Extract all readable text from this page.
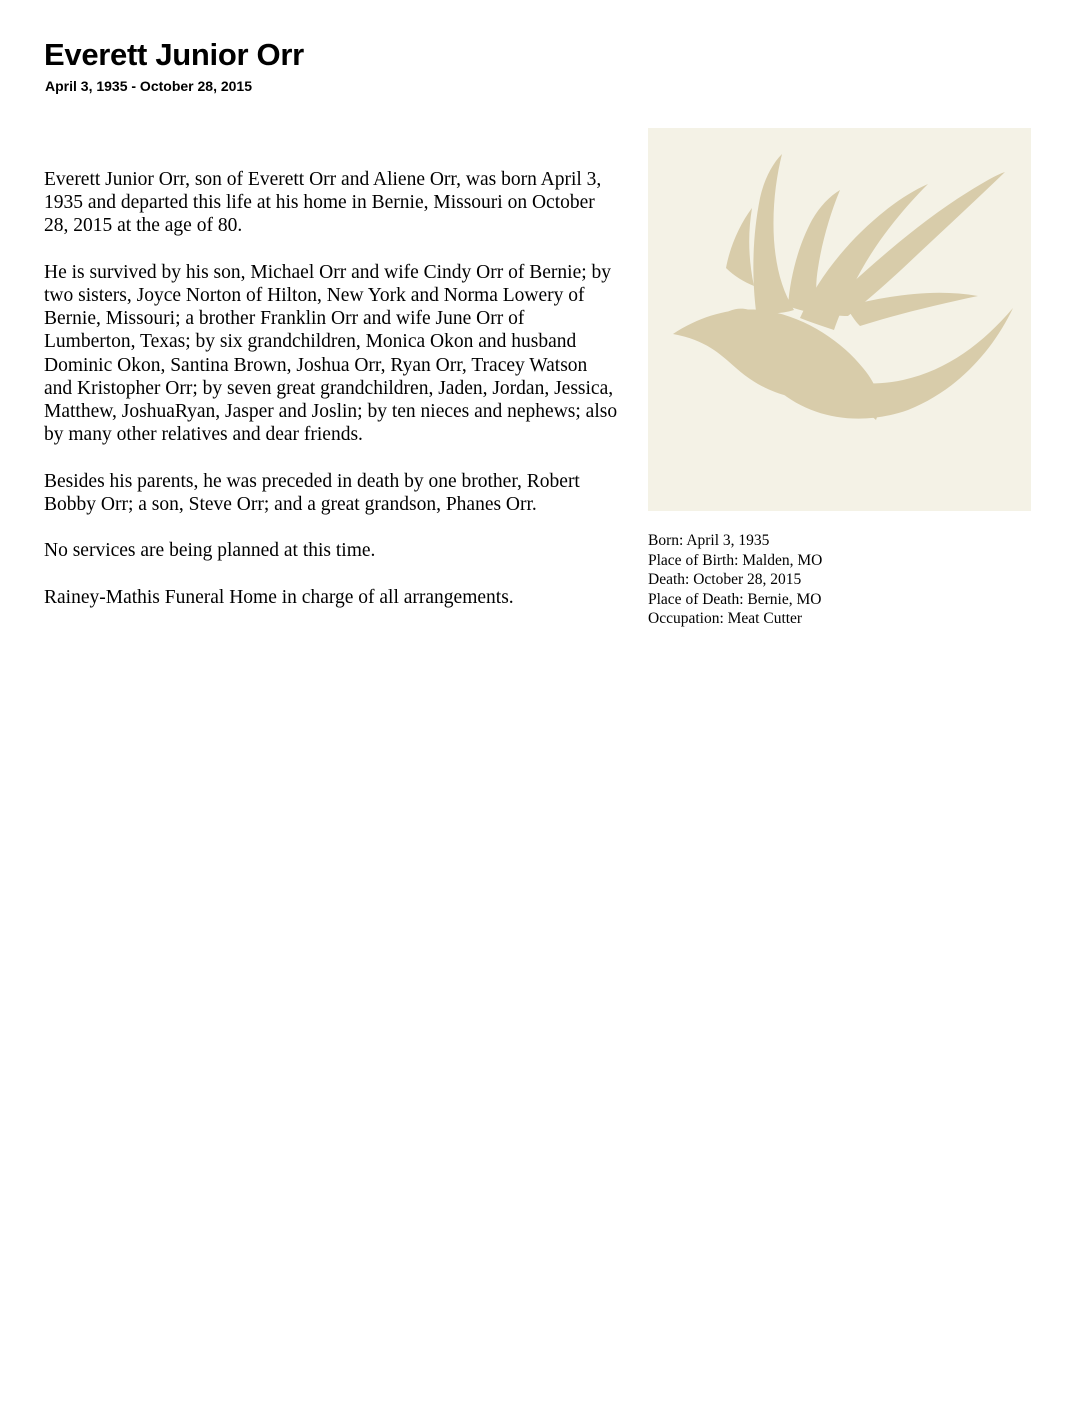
Everett Junior Orr
April 3, 1935 - October 28, 2015

Everett Junior Orr, son of Everett Orr and Aliene Orr, was born April 3, 1935 and departed this life at his home in Bernie, Missouri on October 28, 2015 at the age of 80.

He is survived by his son, Michael Orr and wife Cindy Orr of Bernie; by two sisters, Joyce Norton of Hilton, New York and Norma Lowery of Bernie, Missouri; a brother Franklin Orr and wife June Orr of Lumberton, Texas; by six grandchildren, Monica Okon and husband Dominic Okon, Santina Brown, Joshua Orr, Ryan Orr, Tracey Watson and Kristopher Orr; by seven great grandchildren, Jaden, Jordan, Jessica, Matthew, JoshuaRyan, Jasper and Joslin; by ten nieces and nephews; also by many other relatives and dear friends.

Besides his parents, he was preceded in death by one brother, Robert Bobby Orr; a son, Steve Orr; and a great grandson, Phanes Orr.

No services are being planned at this time.

Rainey-Mathis Funeral Home in charge of all arrangements.

Born: April 3, 1935
Place of Birth: Malden, MO
Death: October 28, 2015
Place of Death: Bernie, MO
Occupation: Meat Cutter
